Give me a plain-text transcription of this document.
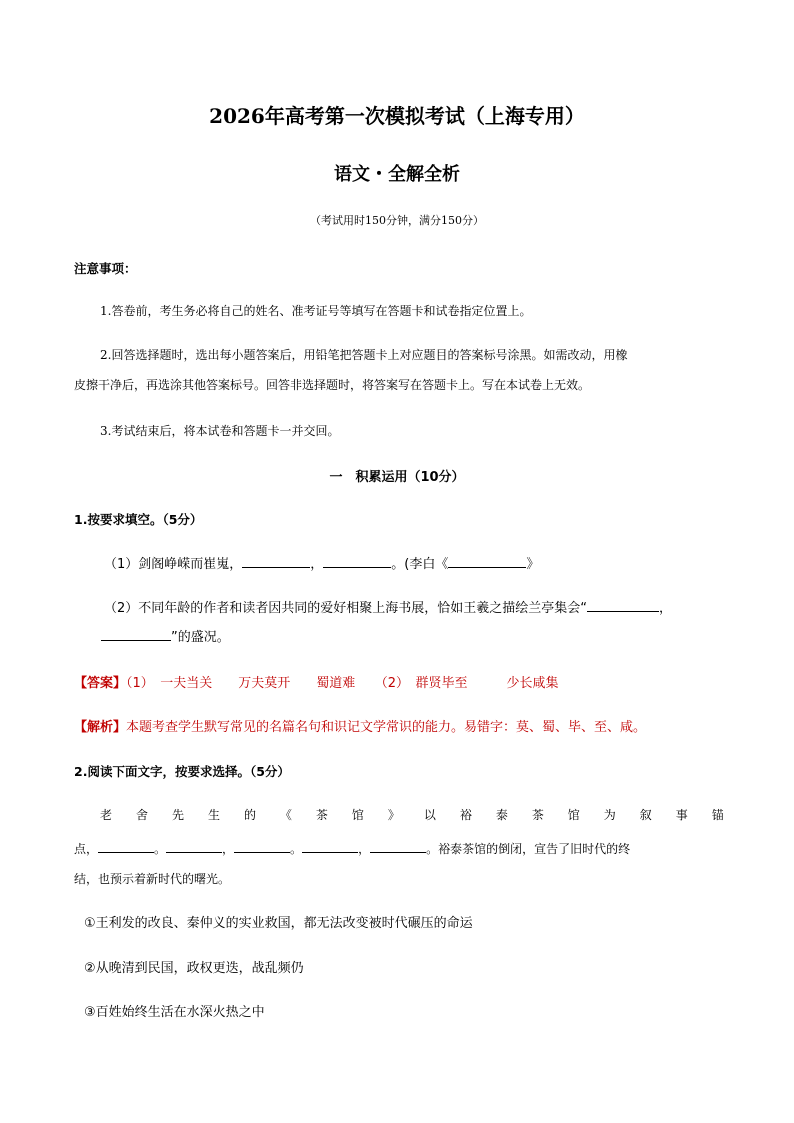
2026年高考第一次模拟考试（上海专用）
语文・全解全析
（考试用时150分钟，满分150分）
注意事项：
1.答卷前，考生务必将自己的姓名、准考证号等填写在答题卡和试卷指定位置上。
2.回答选择题时，选出每小题答案后，用铅笔把答题卡上对应题目的答案标号涂黑。如需改动，用橡
皮擦干净后，再选涂其他答案标号。回答非选择题时，将答案写在答题卡上。写在本试卷上无效。
3.考试结束后，将本试卷和答题卡一并交回。
一　积累运用（10分）
1.按要求填空。（5分）
（1）剑阁峥嵘而崔嵬，	，	。(李白《	》
（2）不同年龄的作者和读者因共同的爱好相聚上海书展，恰如王羲之描绘兰亭集会“	，
”的盛况。
【答案】（1）　一夫当关　　万夫莫开　　蜀道难　　（2）　群贤毕至　　　少长咸集
【解析】本题考查学生默写常见的名篇名句和识记文学常识的能力。易错字：莫、蜀、毕、至、咸。
2.阅读下面文字，按要求选择。（5分）
老 舍 先 生 的 《 茶 馆 》 以 裕 泰 茶 馆 为 叙 事 锚
点，	。	，	。	，	。裕泰茶馆的倒闭，宣告了旧时代的终
结，也预示着新时代的曙光。
①王利发的改良、秦仲义的实业救国，都无法改变被时代碾压的命运
②从晚清到民国，政权更迭，战乱频仍
③百姓始终生活在水深火热之中
